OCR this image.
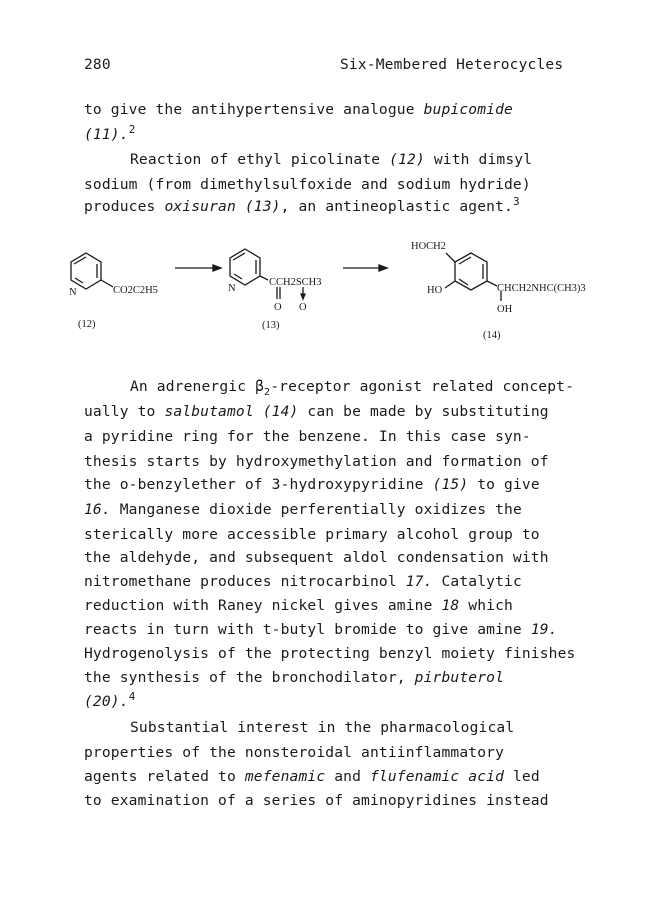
280	Six-Membered Heterocycles
to give the antihypertensive analogue bupicomide
(11).$^2$
Reaction of ethyl picolinate (12) with dimsyl
sodium (from dimethylsulfoxide and sodium hydride)
produces oxisuran (13), an antineoplastic agent.$^3$
N	CO2C2H5
(12)
N
CCH2SCH3
O O
(13)
HOCH2
HO	CHCH2NHC(CH3)3
OH
(14)
An adrenergic $\beta_2$-receptor agonist related concept-
ually to salbutamol (14) can be made by substituting
a pyridine ring for the benzene. In this case syn-
thesis starts by hydroxymethylation and formation of
the o-benzylether of 3-hydroxypyridine (15) to give
16. Manganese dioxide perferentially oxidizes the
sterically more accessible primary alcohol group to
the aldehyde, and subsequent aldol condensation with
nitromethane produces nitrocarbinol 17. Catalytic
reduction with Raney nickel gives amine 18 which
reacts in turn with t-butyl bromide to give amine 19.
Hydrogenolysis of the protecting benzyl moiety finishes
the synthesis of the bronchodilator, pirbuterol
(20).$^4$
Substantial interest in the pharmacological
properties of the nonsteroidal antiinflammatory
agents related to mefenamic and flufenamic acid led
to examination of a series of aminopyridines instead
